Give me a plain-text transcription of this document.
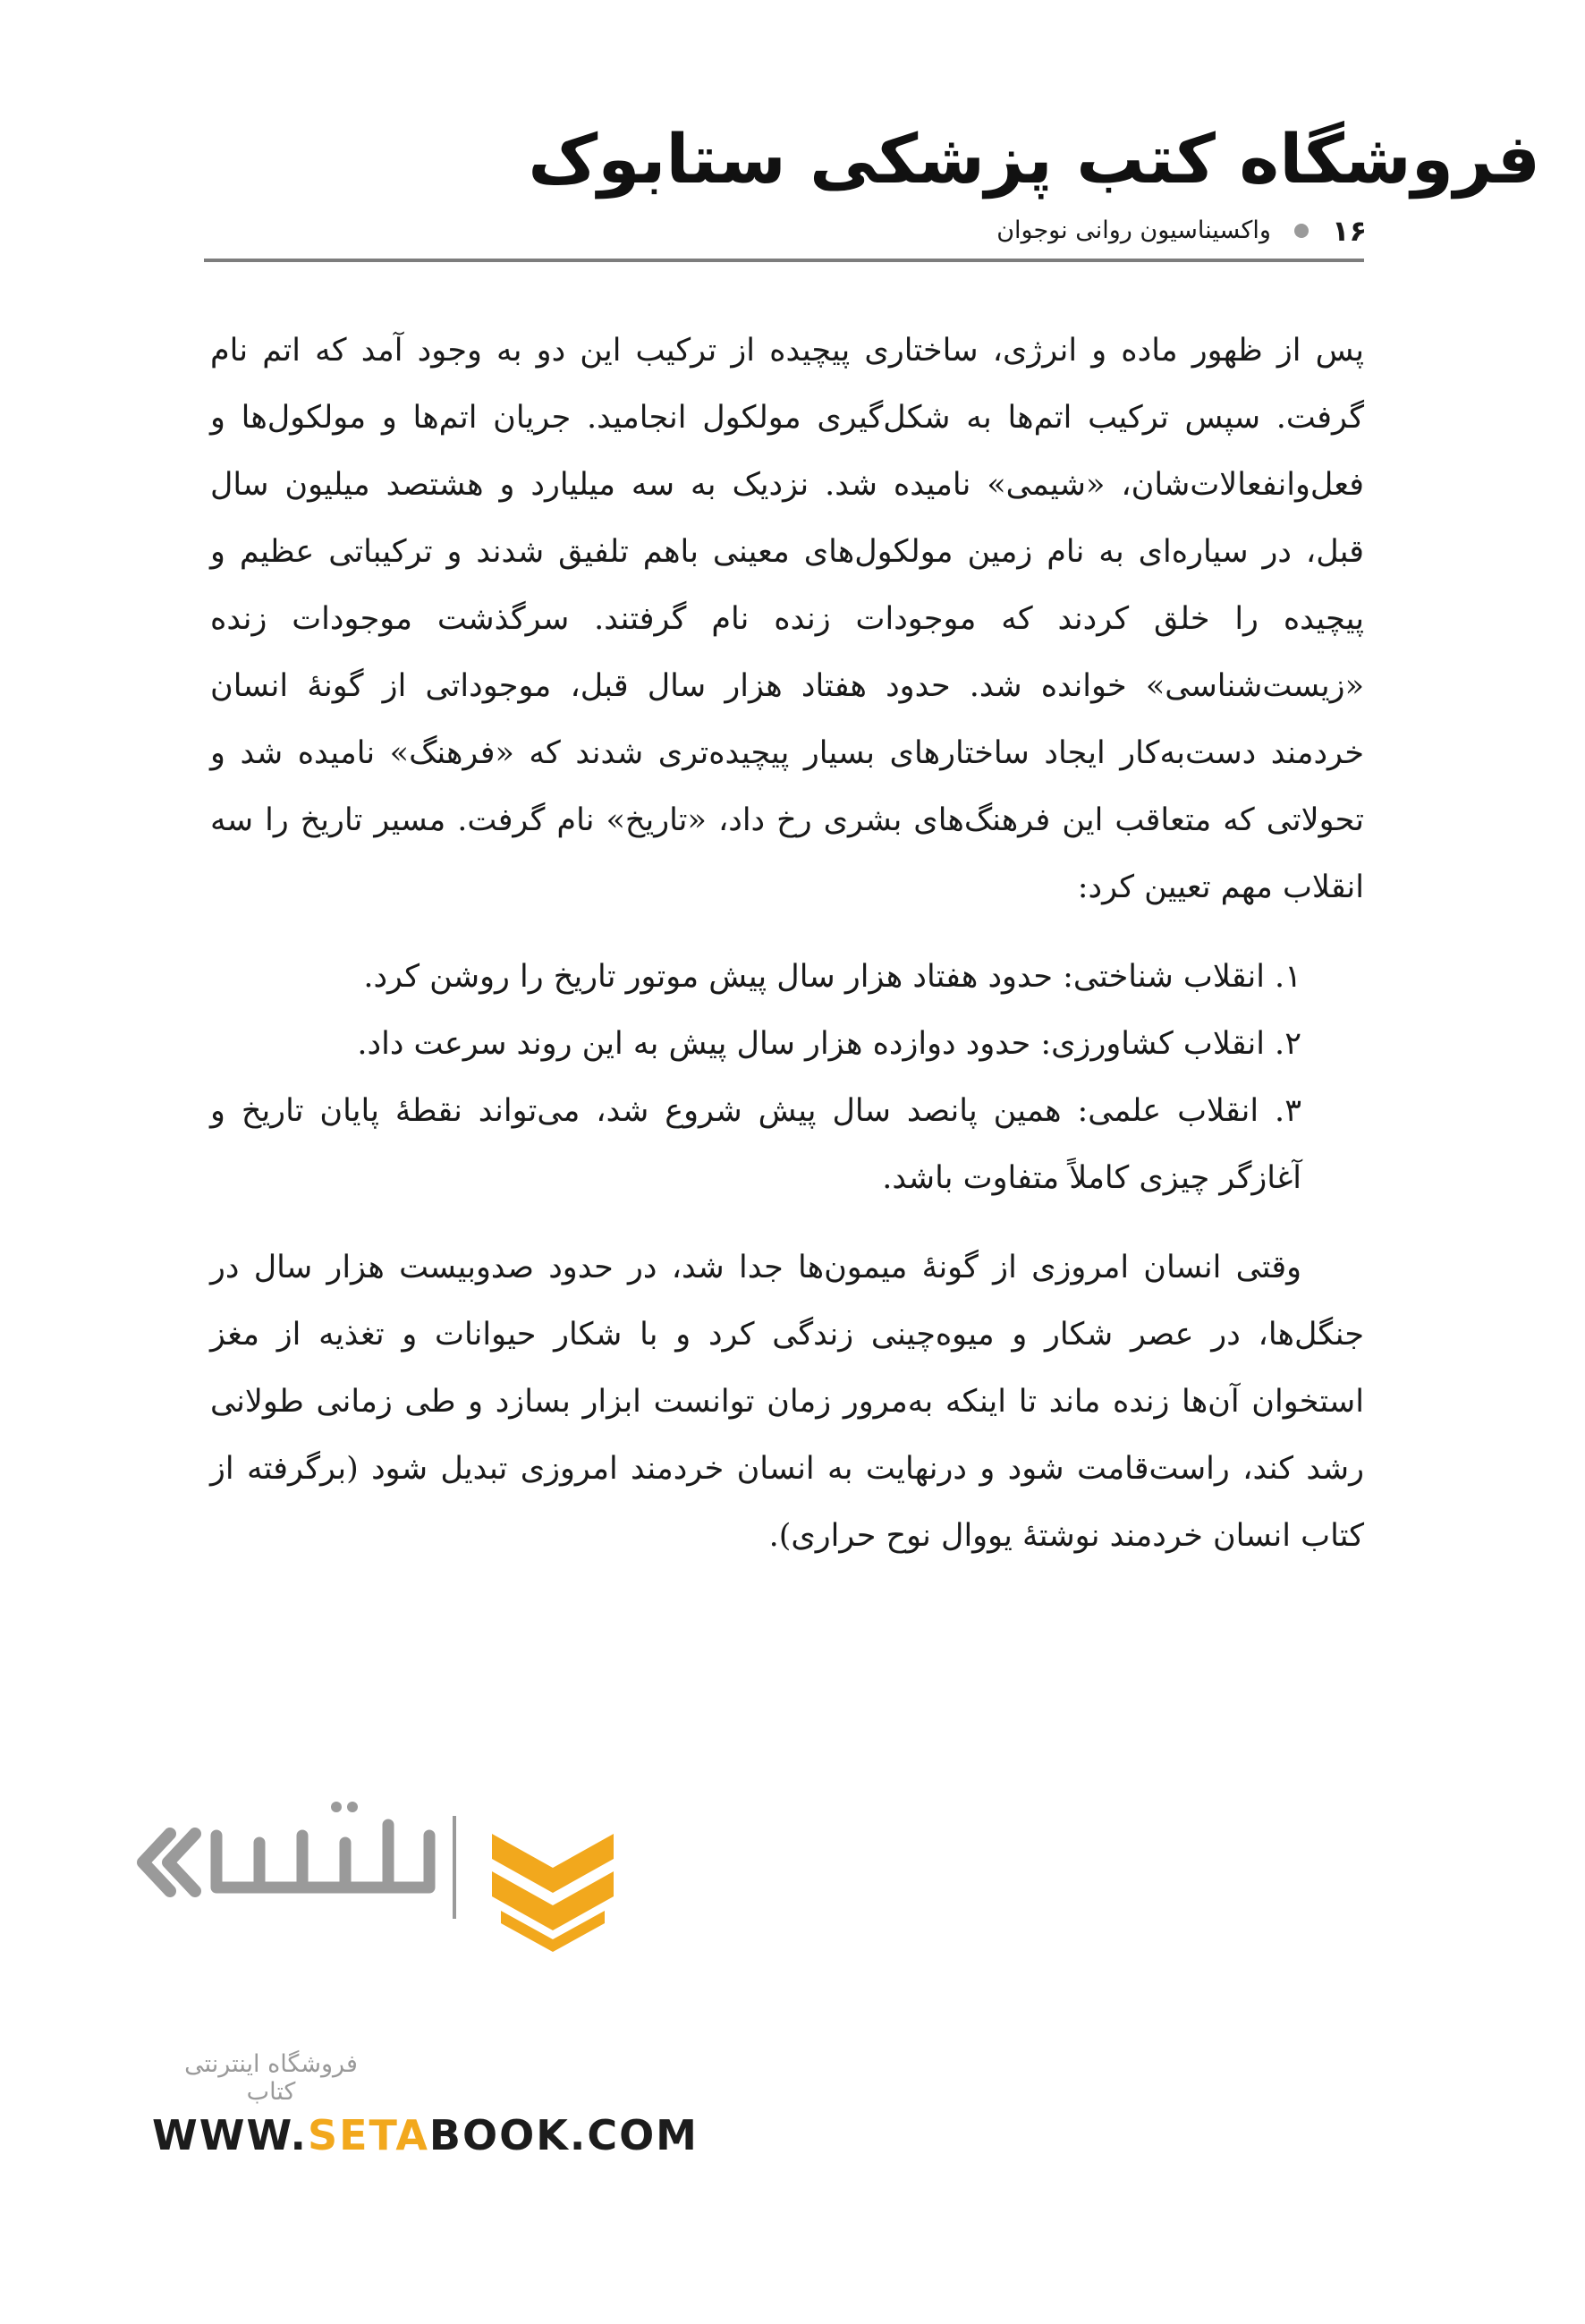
فروشگاه کتب پزشکی ستابوک
۱۶
واکسیناسیون روانی نوجوان

پس از ظهور ماده و انرژی، ساختاری پیچیده از ترکیب این دو به وجود آمد که اتم نام گرفت. سپس ترکیب اتم‌ها به شکل‌گیری مولکول انجامید. جریان اتم‌ها و مولکول‌ها و فعل‌وانفعالات‌شان، «شیمی» نامیده شد. نزدیک به سه میلیارد و هشتصد میلیون سال قبل، در سیاره‌ای به نام زمین مولکول‌های معینی باهم تلفیق شدند و ترکیباتی عظیم و پیچیده را خلق کردند که موجودات زنده نام گرفتند. سرگذشت موجودات زنده «زیست‌شناسی» خوانده شد. حدود هفتاد هزار سال قبل، موجوداتی از گونهٔ انسان خردمند دست‌به‌کار ایجاد ساختارهای بسیار پیچیده‌تری شدند که «فرهنگ» نامیده شد و تحولاتی که متعاقب این فرهنگ‌های بشری رخ داد، «تاریخ» نام گرفت. مسیر تاریخ را سه انقلاب مهم تعیین کرد:

۱. انقلاب شناختی: حدود هفتاد هزار سال پیش موتور تاریخ را روشن کرد.
۲. انقلاب کشاورزی: حدود دوازده هزار سال پیش به این روند سرعت داد.
۳. انقلاب علمی: همین پانصد سال پیش شروع شد، می‌تواند نقطهٔ پایان تاریخ و آغازگر چیزی کاملاً متفاوت باشد.

وقتی انسان امروزی از گونهٔ میمون‌ها جدا شد، در حدود صدوبیست هزار سال در جنگل‌ها، در عصر شکار و میوه‌چینی زندگی کرد و با شکار حیوانات و تغذیه از مغز استخوان آن‌ها زنده ماند تا اینکه به‌مرور زمان توانست ابزار بسازد و طی زمانی طولانی رشد کند، راست‌قامت شود و درنهایت به انسان خردمند امروزی تبدیل شود (برگرفته از کتاب انسان خردمند نوشتهٔ یووال نوح حراری).

فروشگاه اینترنتی کتاب
WWW.SETABOOK.COM
